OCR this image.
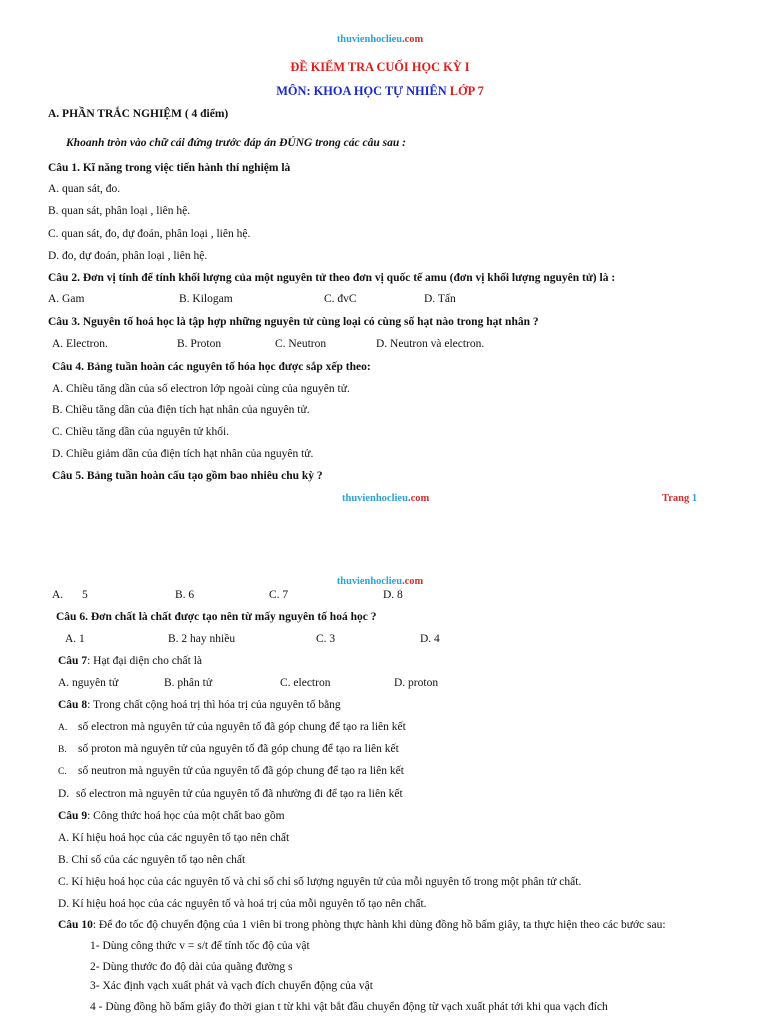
thuvienhoclieu.com
ĐỀ KIỂM TRA CUỐI HỌC KỲ I
MÔN: KHOA HỌC TỰ NHIÊN LỚP 7
A. PHẦN TRẮC NGHIỆM ( 4 điểm)
Khoanh tròn vào chữ cái đứng trước đáp án ĐÚNG trong các câu sau :
Câu 1. Kĩ năng trong việc tiến hành thí nghiệm là
A. quan sát, đo.
B. quan sát, phân loại , liên hệ.
C. quan sát, đo, dự đoán, phân loại , liên hệ.
D. đo, dự đoán, phân loại , liên hệ.
Câu 2. Đơn vị tính để tính khối lượng của một nguyên tử theo đơn vị quốc tế amu (đơn vị khối lượng nguyên tử) là :
A. Gam	B. Kilogam	C. đvC	D. Tấn
Câu 3. Nguyên tố hoá học là tập hợp những nguyên tử cùng loại có cùng số hạt nào trong hạt nhân ?
A. Electron.	B. Proton	C. Neutron	D. Neutron và electron.
Câu 4. Bảng tuần hoàn các nguyên tố hóa học được sắp xếp theo:
A. Chiều tăng dần của số electron lớp ngoài cùng của nguyên tử.
B. Chiều tăng dần của điện tích hạt nhân của nguyên tử.
C. Chiều tăng dần của nguyên tử khối.
D. Chiều giảm dần của điện tích hạt nhân của nguyên tử.
Câu 5. Bảng tuần hoàn cấu tạo gồm bao nhiêu chu kỳ ?
thuvienhoclieu.com	Trang 1
thuvienhoclieu.com
A. 5	B. 6	C. 7	D. 8
Câu 6. Đơn chất là chất được tạo nên từ mấy nguyên tố hoá học ?
A. 1	B. 2 hay nhiều	C. 3	D. 4
Câu 7: Hạt đại diện cho chất là
A. nguyên tử	B. phân tử	C. electron	D. proton
Câu 8: Trong chất cộng hoá trị thì hóa trị của nguyên tố bằng
A. số electron mà nguyên tử của nguyên tố đã góp chung để tạo ra liên kết
B. số proton mà nguyên tử của nguyên tố đã góp chung để tạo ra liên kết
C. số neutron mà nguyên tử của nguyên tố đã góp chung để tạo ra liên kết
D. số electron mà nguyên tử của nguyên tố đã nhường đi để tạo ra liên kết
Câu 9: Công thức hoá học của một chất bao gồm
A. Kí hiệu hoá học của các nguyên tố tạo nên chất
B. Chỉ số của các nguyên tố tạo nên chất
C. Kí hiệu hoá học của các nguyên tố và chỉ số chỉ số lượng nguyên tử của mỗi nguyên tố trong một phân tử chất.
D. Kí hiệu hoá học của các nguyên tố và hoá trị của mỗi nguyên tố tạo nên chất.
Câu 10: Để đo tốc độ chuyển động của 1 viên bi trong phòng thực hành khi dùng đồng hồ bấm giây, ta thực hiện theo các bước sau:
1- Dùng công thức v = s/t để tính tốc độ của vật
2- Dùng thước đo độ dài của quãng đường s
3- Xác định vạch xuất phát và vạch đích chuyển động của vật
4 - Dùng đồng hồ bấm giây đo thời gian t từ khi vật bắt đầu chuyển động từ vạch xuất phát tới khi qua vạch đích
